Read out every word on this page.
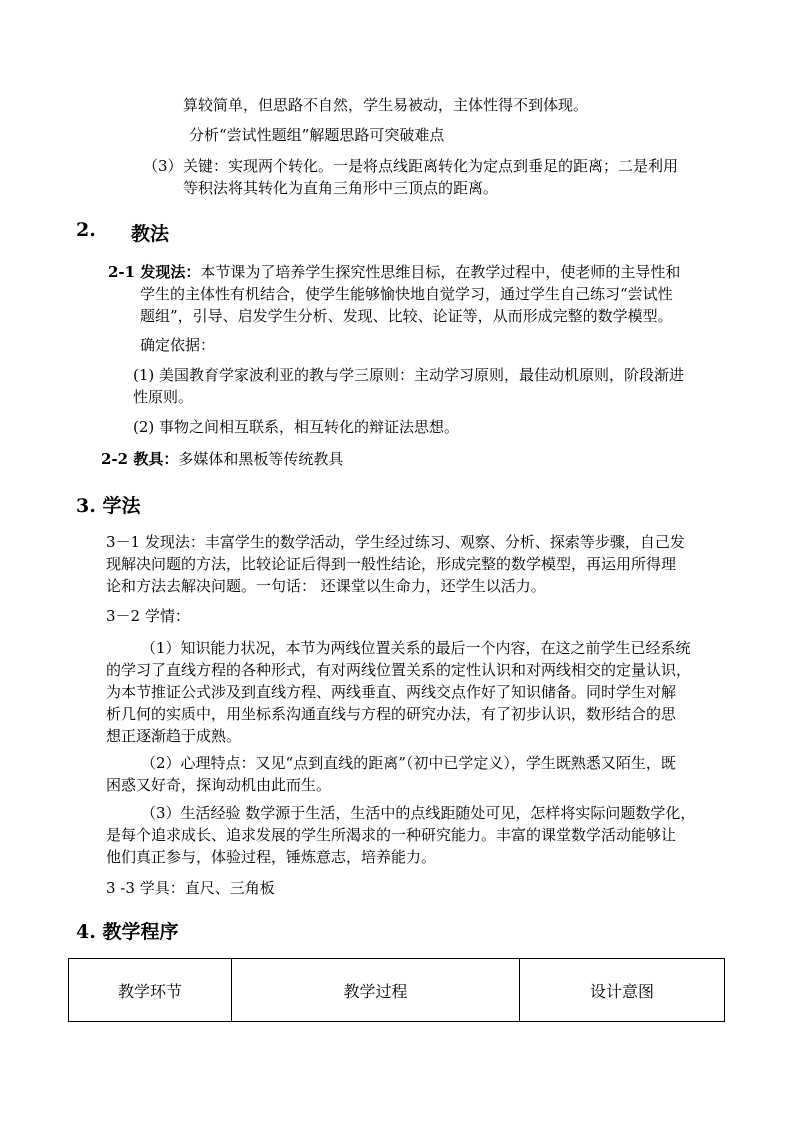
算较简单，但思路不自然，学生易被动，主体性得不到体现。
分析“尝试性题组”解题思路可突破难点
（3） 关键：实现两个转化。一是将点线距离转化为定点到垂足的距离；二是利用
等积法将其转化为直角三角形中三顶点的距离。
2. 教法
2-1 发现法：本节课为了培养学生探究性思维目标，在教学过程中，使老师的主导性和
学生的主体性有机结合，使学生能够愉快地自觉学习，通过学生自己练习“尝试性
题组”，引导、启发学生分析、发现、比较、论证等，从而形成完整的数学模型。
确定依据：
(1) 美国教育学家波利亚的教与学三原则：主动学习原则，最佳动机原则，阶段渐进
性原则。
(2) 事物之间相互联系，相互转化的辩证法思想。
2-2 教具：多媒体和黑板等传统教具
3. 学法
3－1 发现法：丰富学生的数学活动，学生经过练习、观察、分析、探索等步骤，自己发
现解决问题的方法，比较论证后得到一般性结论，形成完整的数学模型，再运用所得理
论和方法去解决问题。一句话： 还课堂以生命力，还学生以活力。
3－2 学情：
（1）知识能力状况，本节为两线位置关系的最后一个内容，在这之前学生已经系统
的学习了直线方程的各种形式，有对两线位置关系的定性认识和对两线相交的定量认识，
为本节推证公式涉及到直线方程、两线垂直、两线交点作好了知识储备。同时学生对解
析几何的实质中，用坐标系沟通直线与方程的研究办法，有了初步认识，数形结合的思
想正逐渐趋于成熟。
（2）心理特点：又见“点到直线的距离”（初中已学定义），学生既熟悉又陌生，既
困惑又好奇，探询动机由此而生。
（3）生活经验 数学源于生活，生活中的点线距随处可见，怎样将实际问题数学化，
是每个追求成长、追求发展的学生所渴求的一种研究能力。丰富的课堂数学活动能够让
他们真正参与，体验过程，锤炼意志，培养能力。
3 -3 学具：直尺、三角板
4. 教学程序
教学环节	教学过程	设计意图
